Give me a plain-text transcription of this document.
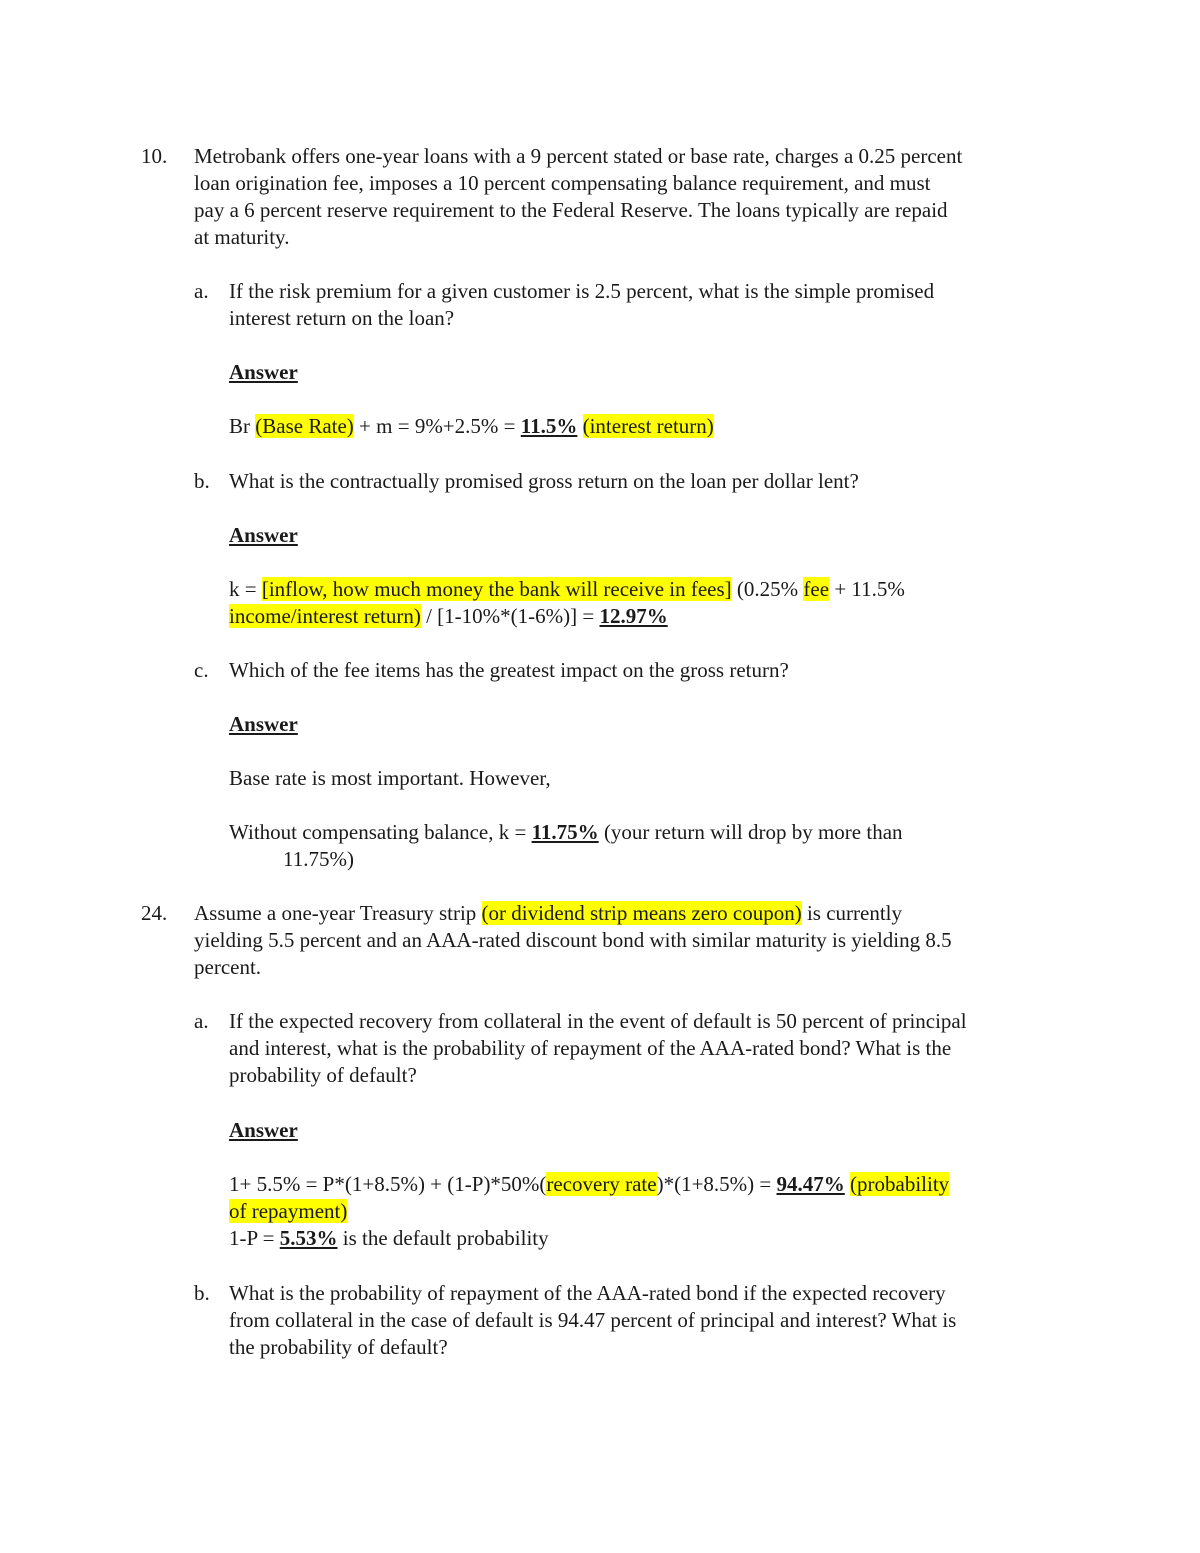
10. Metrobank offers one-year loans with a 9 percent stated or base rate, charges a 0.25 percent
loan origination fee, imposes a 10 percent compensating balance requirement, and must
pay a 6 percent reserve requirement to the Federal Reserve. The loans typically are repaid
at maturity.
a. If the risk premium for a given customer is 2.5 percent, what is the simple promised
interest return on the loan?
Answer
Br (Base Rate) + m = 9%+2.5% = 11.5% (interest return)
b. What is the contractually promised gross return on the loan per dollar lent?
Answer
k = [inflow, how much money the bank will receive in fees] (0.25% fee + 11.5%
income/interest return) / [1-10%*(1-6%)] = 12.97%
c. Which of the fee items has the greatest impact on the gross return?
Answer
Base rate is most important. However,
Without compensating balance, k = 11.75% (your return will drop by more than
11.75%)
24. Assume a one-year Treasury strip (or dividend strip means zero coupon) is currently
yielding 5.5 percent and an AAA-rated discount bond with similar maturity is yielding 8.5
percent.
a. If the expected recovery from collateral in the event of default is 50 percent of principal
and interest, what is the probability of repayment of the AAA-rated bond? What is the
probability of default?
Answer
1+ 5.5% = P*(1+8.5%) + (1-P)*50%(recovery rate)*(1+8.5%) = 94.47% (probability
of repayment)
1-P = 5.53% is the default probability
b. What is the probability of repayment of the AAA-rated bond if the expected recovery
from collateral in the case of default is 94.47 percent of principal and interest? What is
the probability of default?
